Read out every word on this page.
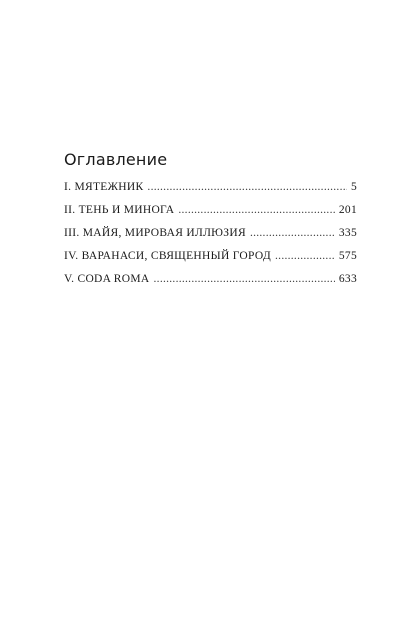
Оглавление
I. МЯТЕЖНИК . . .	5
II. ТЕНЬ И МИНОГА . . .	201
III. МАЙЯ, МИРОВАЯ ИЛЛЮЗИЯ . . .	335
IV. ВАРАНАСИ, СВЯЩЕННЫЙ ГОРОД . . .	575
V. CODA ROMA . . .	633
